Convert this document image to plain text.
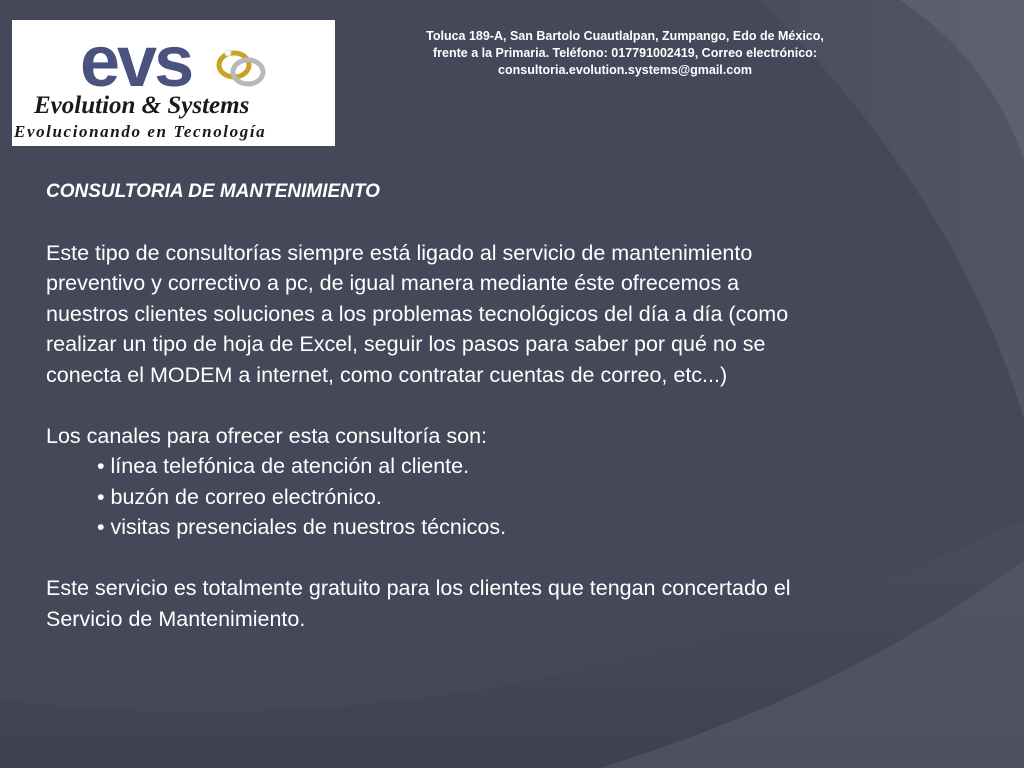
evs
Evolution & Systems
Evolucionando en Tecnología
Toluca 189-A, San Bartolo Cuautlalpan, Zumpango, Edo de México,
frente a la Primaria. Teléfono: 017791002419, Correo electrónico:
consultoria.evolution.systems@gmail.com

CONSULTORIA DE MANTENIMIENTO

Este tipo de consultorías siempre está ligado al servicio de mantenimiento

preventivo y correctivo a pc, de igual manera mediante éste ofrecemos a

nuestros clientes soluciones a los problemas tecnológicos del día a día (como

realizar un tipo de hoja de Excel, seguir los pasos para saber por qué no se

conecta el MODEM a internet, como contratar cuentas de correo, etc...)

Los canales para ofrecer esta consultoría son:

• línea telefónica de atención al cliente.

• buzón de correo electrónico.

• visitas presenciales de nuestros técnicos.

Este servicio es totalmente gratuito para los clientes que tengan concertado el

Servicio de Mantenimiento.
